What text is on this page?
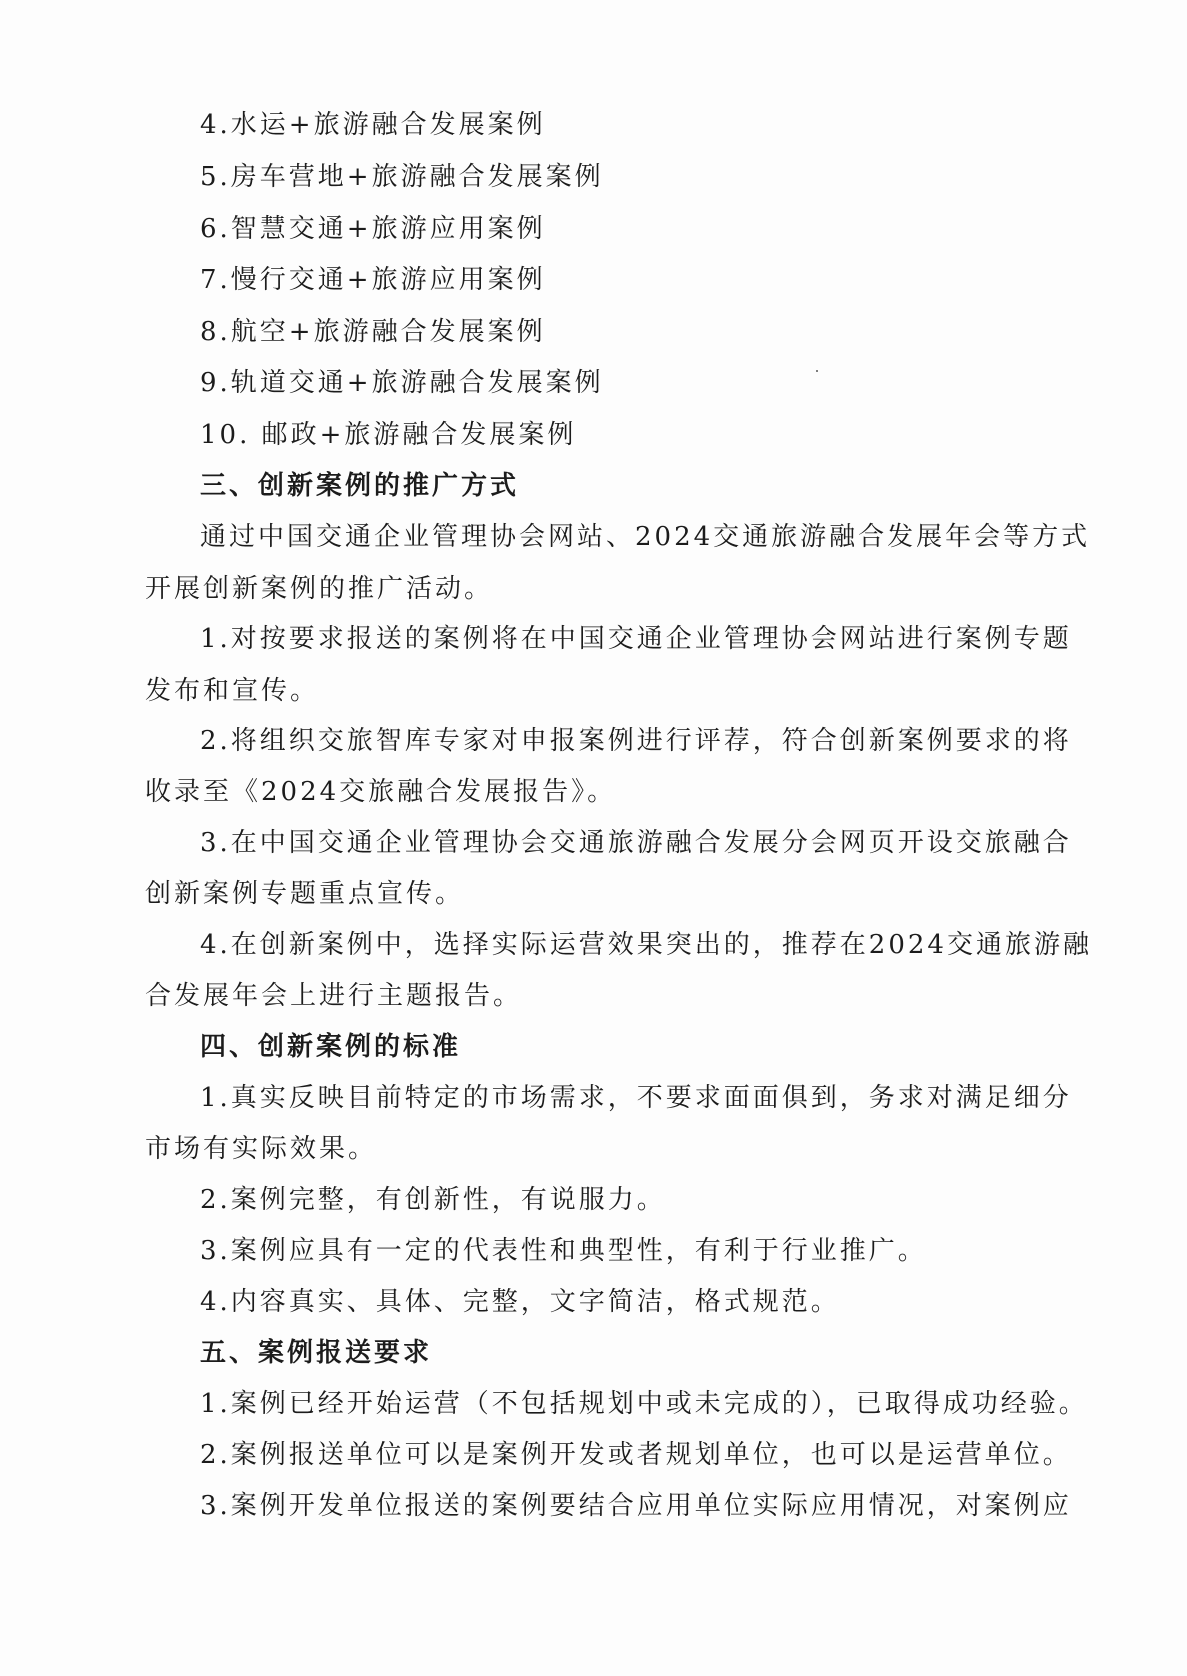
4.水运+旅游融合发展案例
5.房车营地+旅游融合发展案例
6.智慧交通+旅游应用案例
7.慢行交通+旅游应用案例
8.航空+旅游融合发展案例
9.轨道交通+旅游融合发展案例
10. 邮政+旅游融合发展案例
三、创新案例的推广方式
通过中国交通企业管理协会网站、2024交通旅游融合发展年会等方式
开展创新案例的推广活动。
1.对按要求报送的案例将在中国交通企业管理协会网站进行案例专题
发布和宣传。
2.将组织交旅智库专家对申报案例进行评荐，符合创新案例要求的将
收录至《2024交旅融合发展报告》。
3.在中国交通企业管理协会交通旅游融合发展分会网页开设交旅融合
创新案例专题重点宣传。
4.在创新案例中，选择实际运营效果突出的，推荐在2024交通旅游融
合发展年会上进行主题报告。
四、创新案例的标准
1.真实反映目前特定的市场需求，不要求面面俱到，务求对满足细分
市场有实际效果。
2.案例完整，有创新性，有说服力。
3.案例应具有一定的代表性和典型性，有利于行业推广。
4.内容真实、具体、完整，文字简洁，格式规范。
五、案例报送要求
1.案例已经开始运营（不包括规划中或未完成的），已取得成功经验。
2.案例报送单位可以是案例开发或者规划单位，也可以是运营单位。
3.案例开发单位报送的案例要结合应用单位实际应用情况，对案例应
